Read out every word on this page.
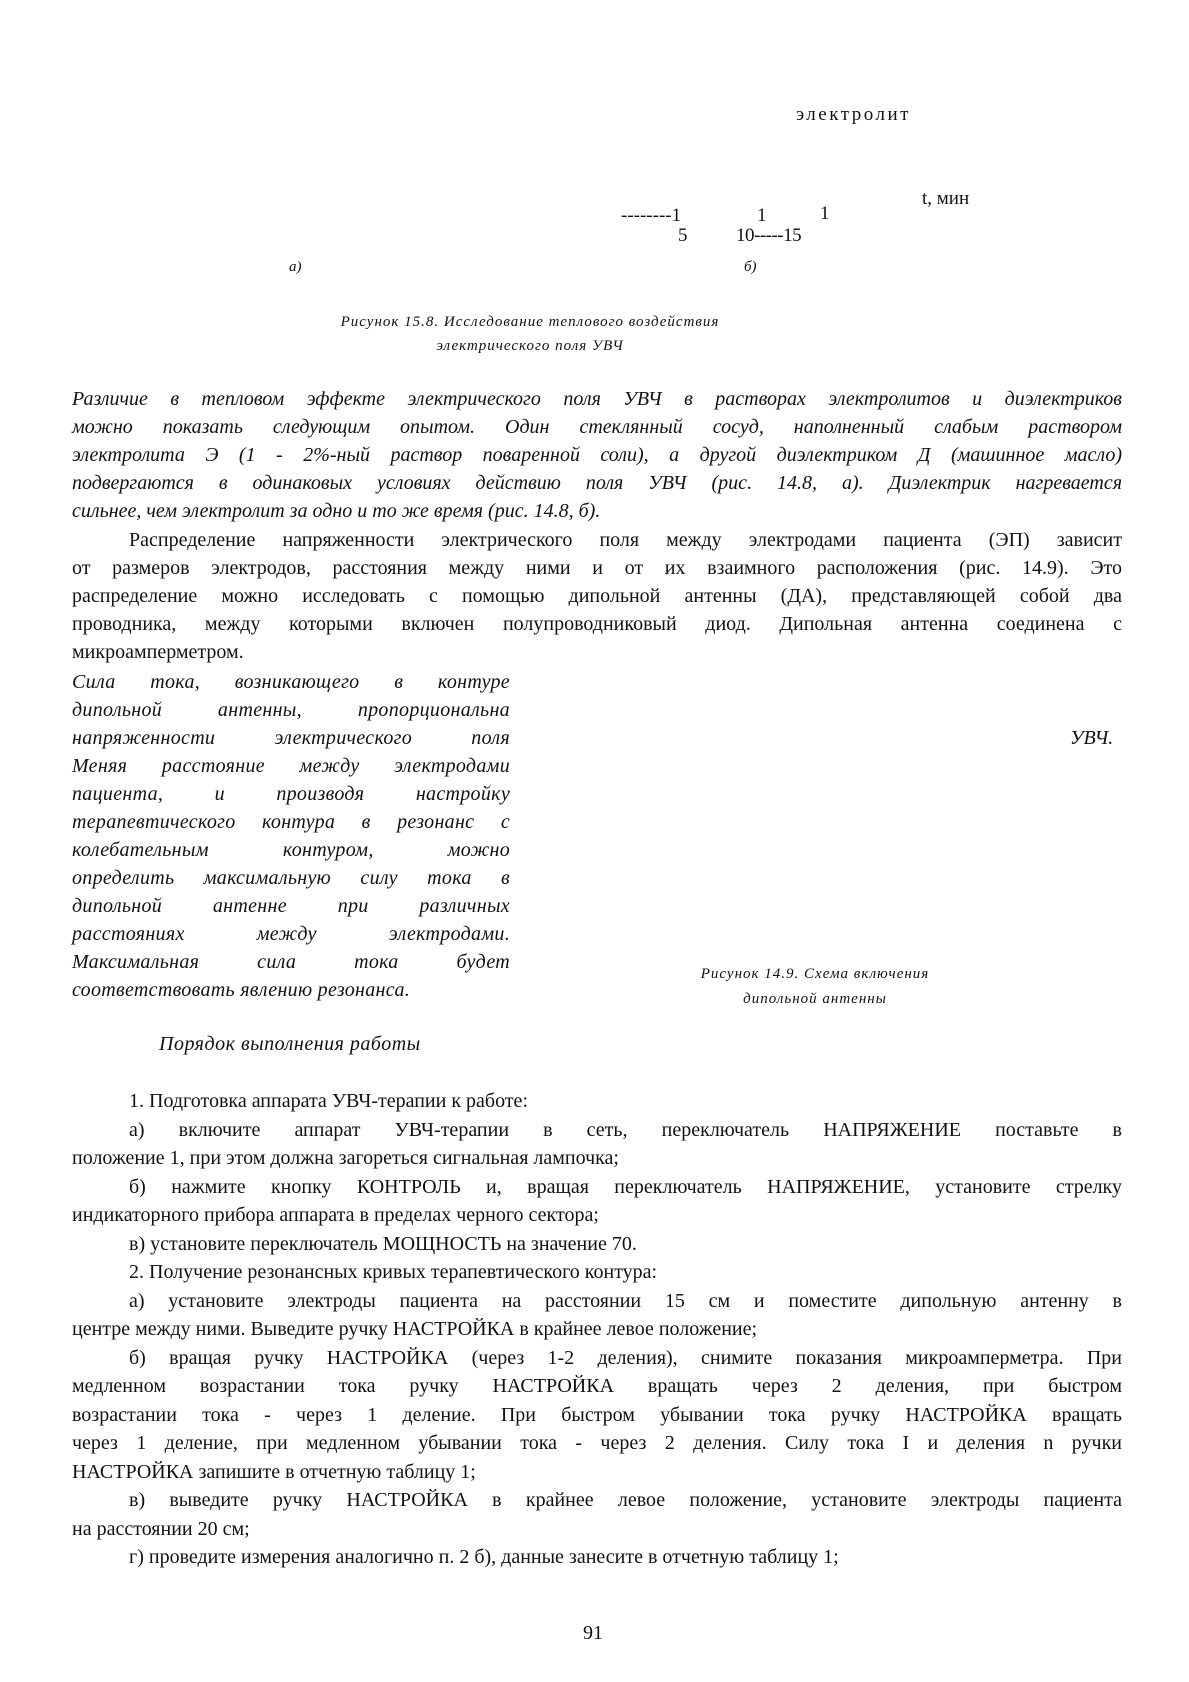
электролит
t, мин
--------1	1	1
5	10-----15
а)	б)
Рисунок 15.8. Исследование теплового воздействия
электрического поля УВЧ
Различие в тепловом эффекте электрического поля УВЧ в растворах электролитов и диэлектриков
можно показать следующим опытом. Один стеклянный сосуд, наполненный слабым раствором
электролита Э (1 - 2%-ный раствор поваренной соли), а другой диэлектриком Д (машинное масло)
подвергаются в одинаковых условиях действию поля УВЧ (рис. 14.8, а). Диэлектрик нагревается
сильнее, чем электролит за одно и то же время (рис. 14.8, б).
Распределение напряженности электрического поля между электродами пациента (ЭП) зависит
от размеров электродов, расстояния между ними и от их взаимного расположения (рис. 14.9). Это
распределение можно исследовать с помощью дипольной антенны (ДА), представляющей собой два
проводника, между которыми включен полупроводниковый диод. Дипольная антенна соединена с
микроамперметром.
Сила тока, возникающего в контуре
дипольной антенны, пропорциональна
напряженности электрического поля
Меняя расстояние между электродами
пациента, и производя настройку
терапевтического контура в резонанс с
колебательным контуром, можно
определить максимальную силу тока в
дипольной антенне при различных
расстояниях между электродами.
Максимальная сила тока будет
соответствовать явлению резонанса.
УВЧ.
Рисунок 14.9. Схема включения
дипольной антенны
Порядок выполнения работы
1. Подготовка аппарата УВЧ-терапии к работе:
а) включите аппарат УВЧ-терапии в сеть, переключатель НАПРЯЖЕНИЕ поставьте в
положение 1, при этом должна загореться сигнальная лампочка;
б) нажмите кнопку КОНТРОЛЬ и, вращая переключатель НАПРЯЖЕНИЕ, установите стрелку
индикаторного прибора аппарата в пределах черного сектора;
в) установите переключатель МОЩНОСТЬ на значение 70.
2. Получение резонансных кривых терапевтического контура:
а) установите электроды пациента на расстоянии 15 см и поместите дипольную антенну в
центре между ними. Выведите ручку НАСТРОЙКА в крайнее левое положение;
б) вращая ручку НАСТРОЙКА (через 1-2 деления), снимите показания микроамперметра. При
медленном возрастании тока ручку НАСТРОЙКА вращать через 2 деления, при быстром
возрастании тока - через 1 деление. При быстром убывании тока ручку НАСТРОЙКА вращать
через 1 деление, при медленном убывании тока - через 2 деления. Силу тока I и деления n ручки
НАСТРОЙКА запишите в отчетную таблицу 1;
в) выведите ручку НАСТРОЙКА в крайнее левое положение, установите электроды пациента
на расстоянии 20 см;
г) проведите измерения аналогично п. 2 б), данные занесите в отчетную таблицу 1;
91
